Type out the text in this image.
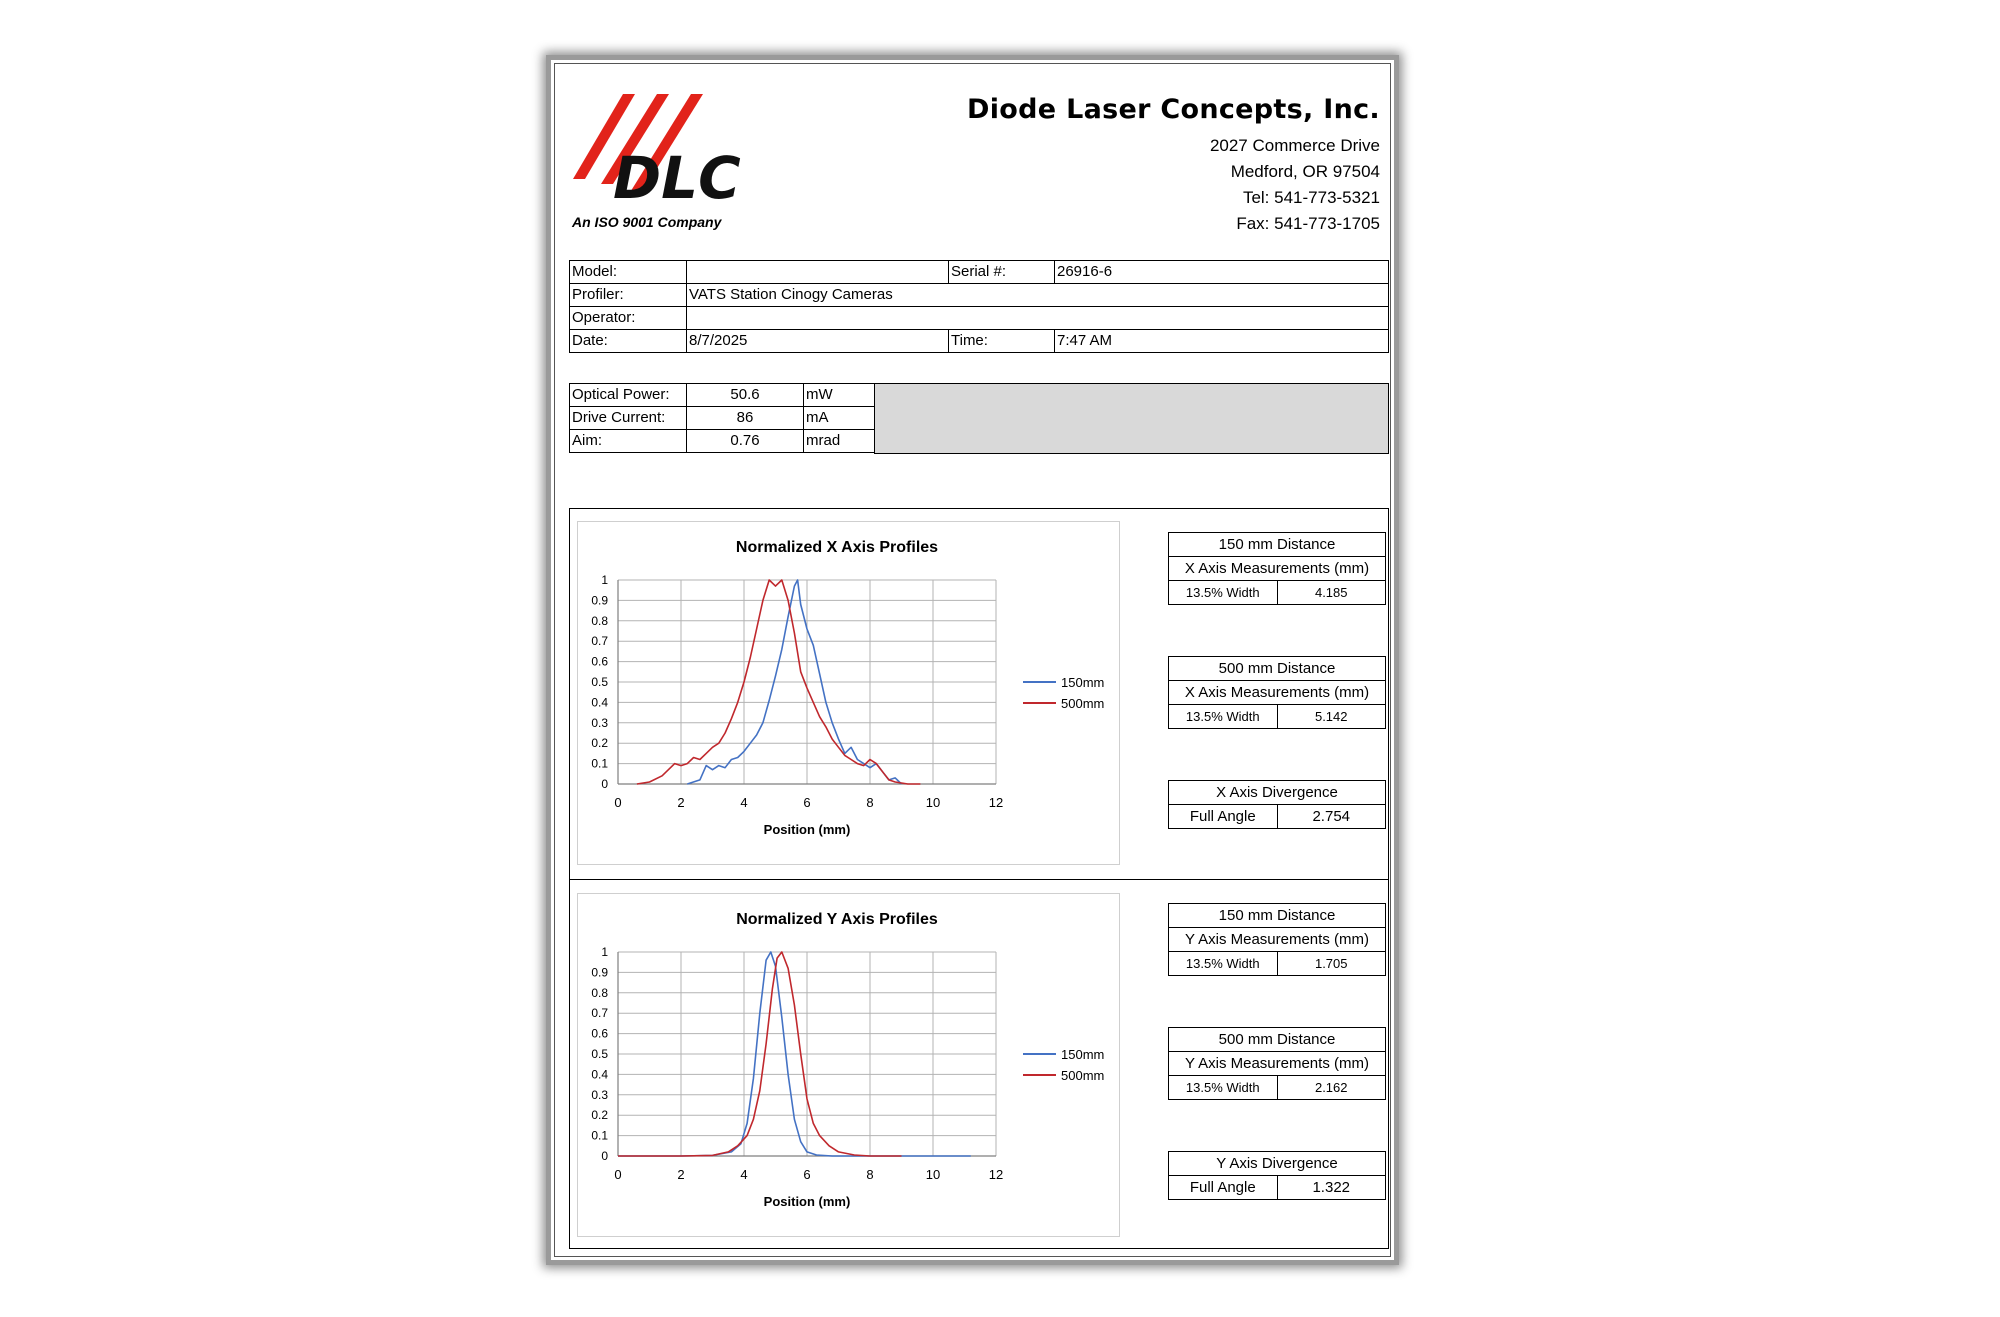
DLC
An ISO 9001 Company
Diode Laser Concepts, Inc.
2027 Commerce Drive
Medford, OR 97504
Tel: 541-773-5321
Fax: 541-773-1705
Model:		Serial #:	26916-6
Profiler:	VATS Station Cinogy Cameras		
Operator:			
Date:	8/7/2025	Time:	7:47 AM
Optical Power:	50.6	mW
Drive Current:	86	mA
Aim:	0.76	mrad
Normalized X Axis Profiles
0
0.1
0.2
0.3
0.4
0.5
0.6
0.7
0.8
0.9
1
0	2	4	6	8	10	12
Position (mm)
150mm
500mm
Normalized Y Axis Profiles
0
0.1
0.2
0.3
0.4
0.5
0.6
0.7
0.8
0.9
1
0	2	4	6	8	10	12
Position (mm)
150mm
500mm
150 mm Distance
X Axis Measurements (mm)
13.5% Width	4.185
500 mm Distance
X Axis Measurements (mm)
13.5% Width	5.142
X Axis Divergence
Full Angle	2.754
150 mm Distance
Y Axis Measurements (mm)
13.5% Width	1.705
500 mm Distance
Y Axis Measurements (mm)
13.5% Width	2.162
Y Axis Divergence
Full Angle	1.322
